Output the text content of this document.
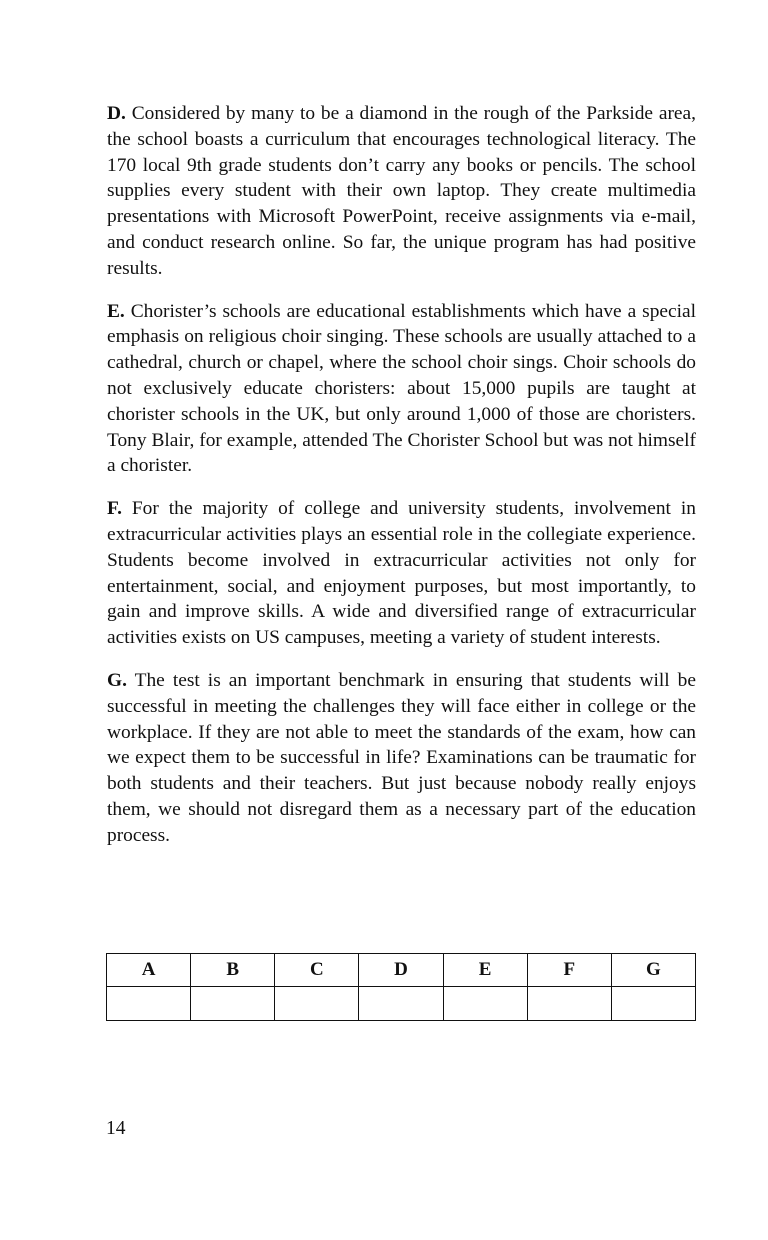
D. Considered by many to be a diamond in the rough of the Parkside area, the school boasts a curriculum that encourages technological literacy. The 170 local 9th grade students don’t carry any books or pencils. The school supplies every student with their own laptop. They create multimedia presentations with Microsoft PowerPoint, receive assignments via e-mail, and conduct research online. So far, the unique program has had positive results.

E. Chorister’s schools are educational establishments which have a special emphasis on religious choir singing. These schools are usually attached to a cathedral, church or chapel, where the school choir sings. Choir schools do not exclusively educate choristers: about 15,000 pupils are taught at chorister schools in the UK, but only around 1,000 of those are choristers. Tony Blair, for example, attended The Chorister School but was not himself a chorister.

F. For the majority of college and university students, involvement in extracurricular activities plays an essential role in the collegiate experience. Students become involved in extracurricular activities not only for entertainment, social, and enjoyment purposes, but most importantly, to gain and improve skills. A wide and diversified range of extracurricular activities exists on US campuses, meeting a variety of student interests.

G. The test is an important benchmark in ensuring that students will be successful in meeting the challenges they will face either in college or the workplace. If they are not able to meet the standards of the exam, how can we expect them to be successful in life? Examinations can be traumatic for both students and their teachers. But just because nobody really enjoys them, we should not disregard them as a necessary part of the education process.

A	B	C	D	E	F	G

14
